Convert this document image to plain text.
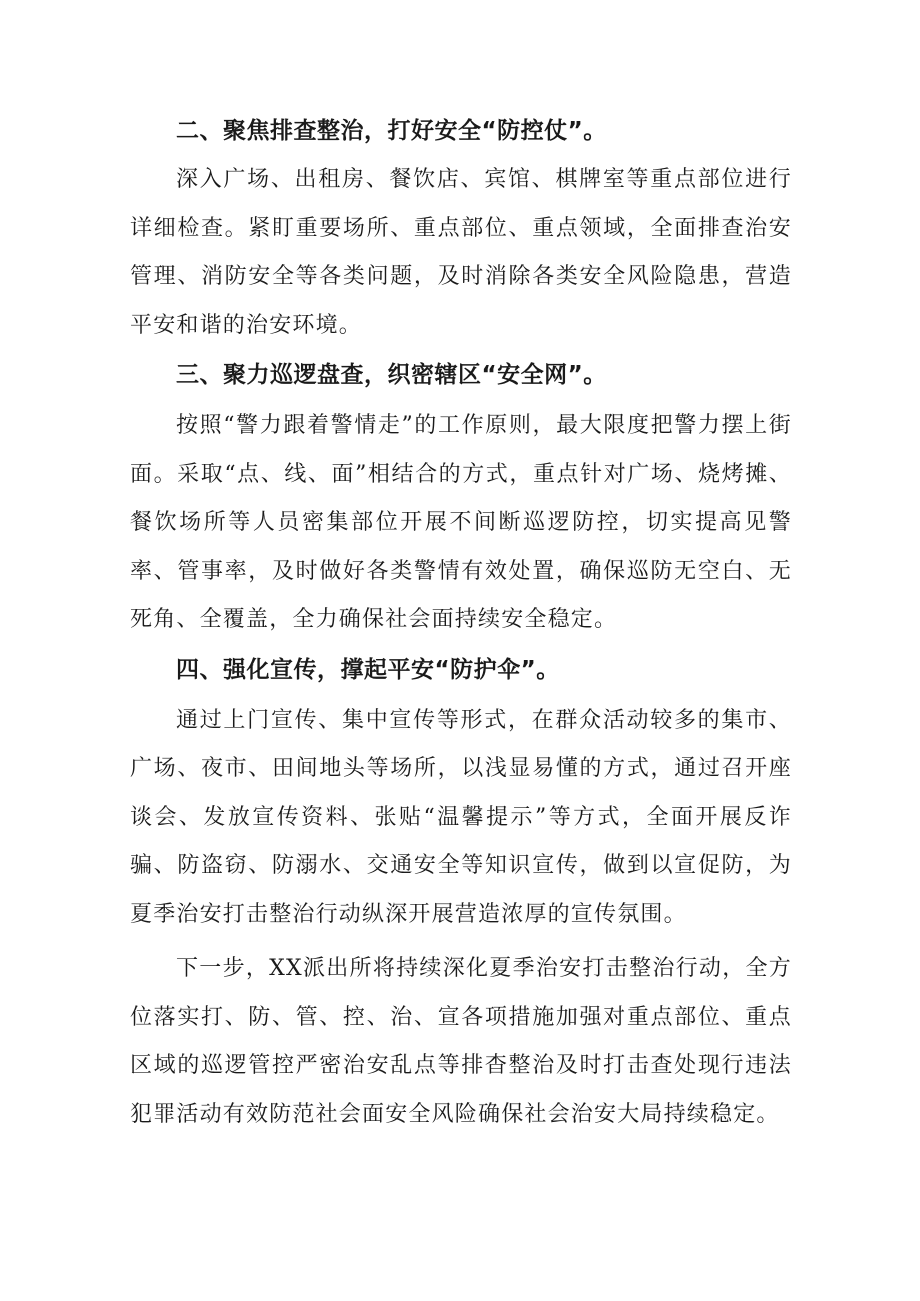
二、聚焦排查整治，打好安全“防控仗”。

深入广场、出租房、餐饮店、宾馆、棋牌室等重点部位进行详细检查。紧盯重要场所、重点部位、重点领域，全面排查治安管理、消防安全等各类问题，及时消除各类安全风险隐患，营造平安和谐的治安环境。

三、聚力巡逻盘查，织密辖区“安全网”。

按照“警力跟着警情走”的工作原则，最大限度把警力摆上街面。采取“点、线、面”相结合的方式，重点针对广场、烧烤摊、餐饮场所等人员密集部位开展不间断巡逻防控，切实提高见警率、管事率，及时做好各类警情有效处置，确保巡防无空白、无死角、全覆盖，全力确保社会面持续安全稳定。

四、强化宣传，撑起平安“防护伞”。

通过上门宣传、集中宣传等形式，在群众活动较多的集市、广场、夜市、田间地头等场所，以浅显易懂的方式，通过召开座谈会、发放宣传资料、张贴“温馨提示”等方式，全面开展反诈骗、防盗窃、防溺水、交通安全等知识宣传，做到以宣促防，为夏季治安打击整治行动纵深开展营造浓厚的宣传氛围。

下一步，XX派出所将持续深化夏季治安打击整治行动，全方位落实打、防、管、控、治、宣各项措施加强对重点部位、重点区域的巡逻管控严密治安乱点等排杳整治及时打击查处现行违法犯罪活动有效防范社会面安全风险确保社会治安大局持续稳定。
